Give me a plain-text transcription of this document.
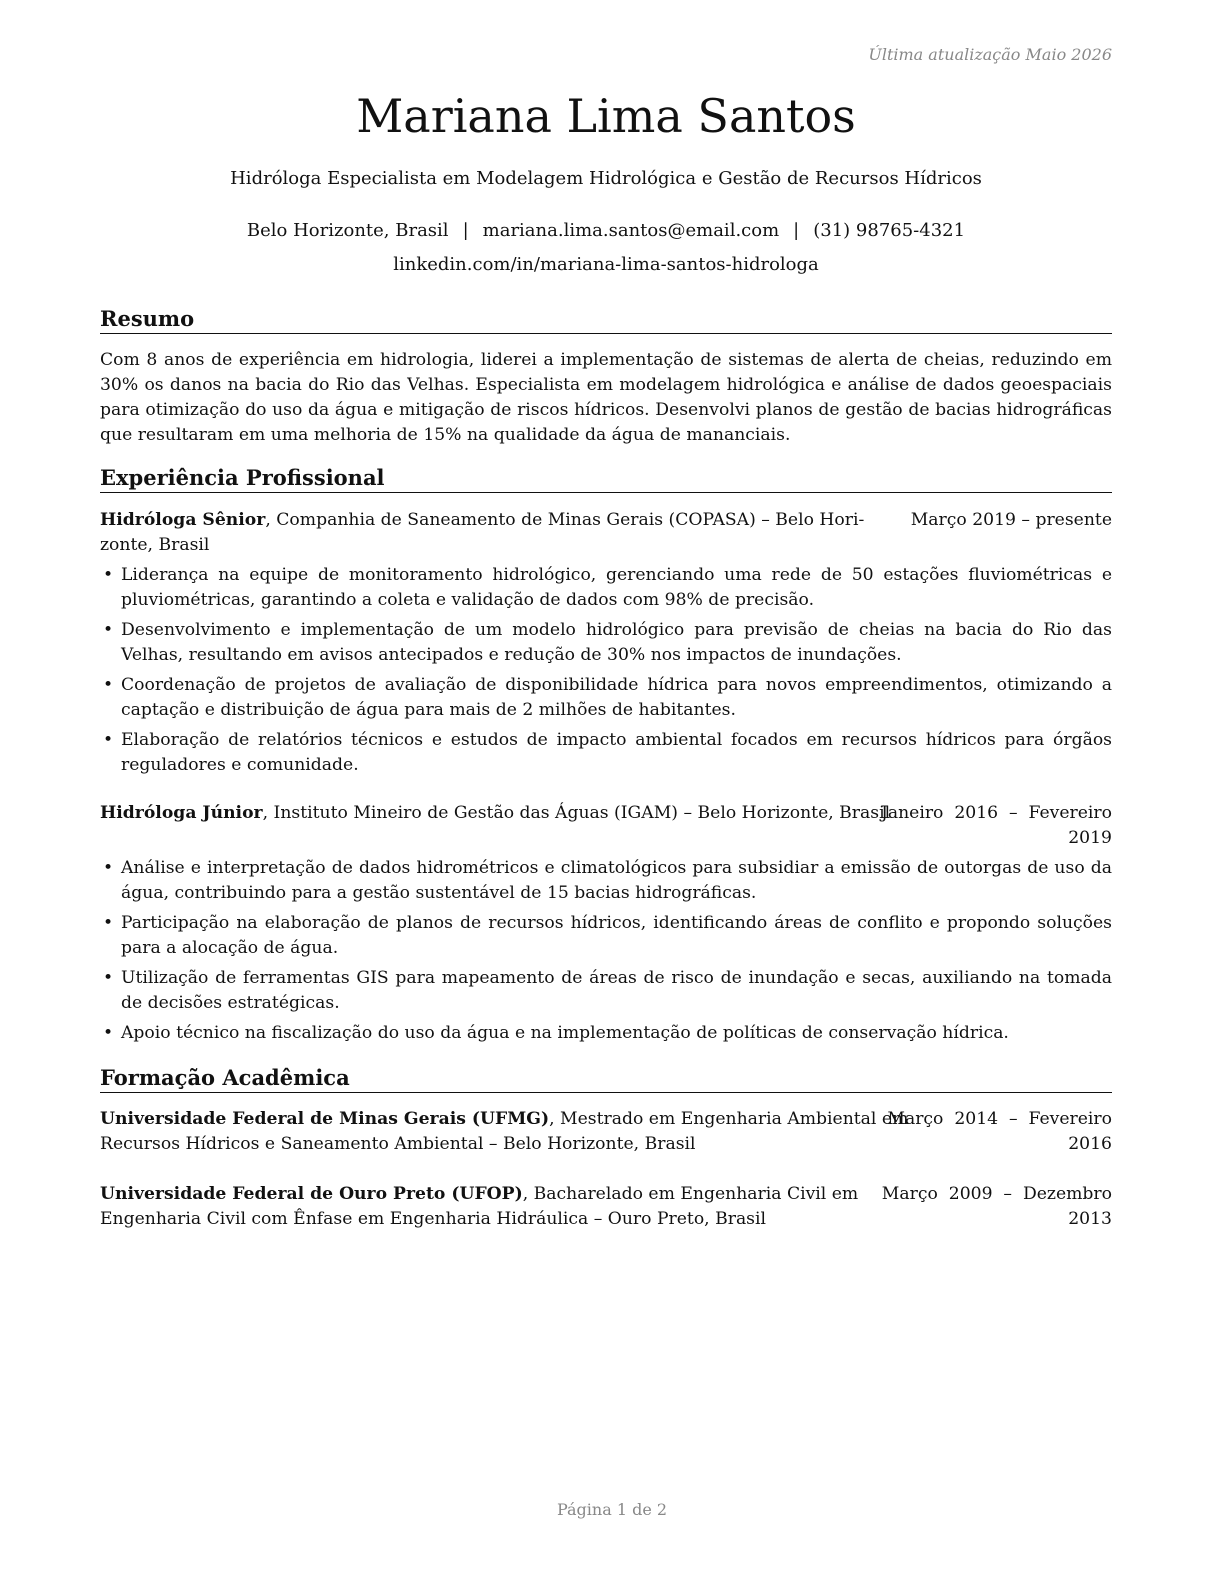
Última atualização Maio 2026
Mariana Lima Santos
Hidróloga Especialista em Modelagem Hidrológica e Gestão de Recursos Hídricos
Belo Horizonte, Brasil | mariana.lima.santos@email.com | (31) 98765-4321
linkedin.com/in/mariana-lima-santos-hidrologa
Resumo
Com 8 anos de experiência em hidrologia, liderei a implementação de sistemas de alerta de cheias, reduzindo em 30% os danos na bacia do Rio das Velhas. Especialista em modelagem hidrológica e análise de dados geoespaciais para otimização do uso da água e mitigação de riscos hídricos. Desenvolvi planos de gestão de bacias hidrográficas que resultaram em uma melhoria de 15% na qualidade da água de mananciais.
Experiência Profissional
Hidróloga Sênior, Companhia de Saneamento de Minas Gerais (COPASA) – Belo Hori-
zonte, Brasil
Março 2019 – presente
• Liderança na equipe de monitoramento hidrológico, gerenciando uma rede de 50 estações fluviométricas e pluviométricas, garantindo a coleta e validação de dados com 98% de precisão.
• Desenvolvimento e implementação de um modelo hidrológico para previsão de cheias na bacia do Rio das Velhas, resultando em avisos antecipados e redução de 30% nos impactos de inundações.
• Coordenação de projetos de avaliação de disponibilidade hídrica para novos empreendimentos, otimizando a captação e distribuição de água para mais de 2 milhões de habitantes.
• Elaboração de relatórios técnicos e estudos de impacto ambiental focados em recursos hídricos para órgãos reguladores e comunidade.
Hidróloga Júnior, Instituto Mineiro de Gestão das Águas (IGAM) – Belo Horizonte, Brasil
Janeiro  2016  –  Fevereiro
2019
• Análise e interpretação de dados hidrométricos e climatológicos para subsidiar a emissão de outorgas de uso da água, contribuindo para a gestão sustentável de 15 bacias hidrográficas.
• Participação na elaboração de planos de recursos hídricos, identificando áreas de conflito e propondo soluções para a alocação de água.
• Utilização de ferramentas GIS para mapeamento de áreas de risco de inundação e secas, auxiliando na tomada de decisões estratégicas.
• Apoio técnico na fiscalização do uso da água e na implementação de políticas de conservação hídrica.
Formação Acadêmica
Universidade Federal de Minas Gerais (UFMG), Mestrado em Engenharia Ambiental em
Recursos Hídricos e Saneamento Ambiental – Belo Horizonte, Brasil
Março  2014  –  Fevereiro
2016
Universidade Federal de Ouro Preto (UFOP), Bacharelado em Engenharia Civil em
Engenharia Civil com Ênfase em Engenharia Hidráulica – Ouro Preto, Brasil
Março  2009  –  Dezembro
2013
Página 1 de 2
